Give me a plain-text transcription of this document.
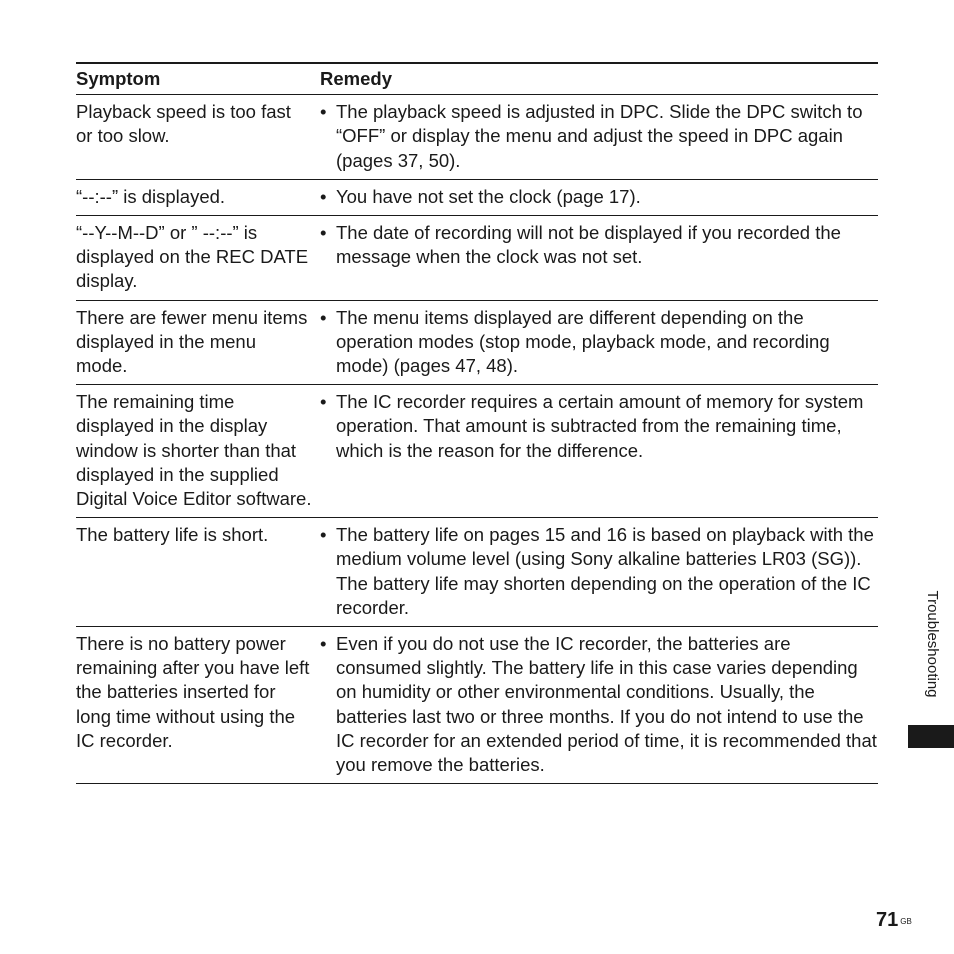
Symptom	Remedy
Playback speed is too fast or too slow.	• The playback speed is adjusted in DPC. Slide the DPC switch to “OFF” or display the menu and adjust the speed in DPC again (pages 37, 50).

“--:--” is displayed.	• You have not set the clock (page 17).

“--Y--M--D” or ” --:--” is displayed on the REC DATE display.	• The date of recording will not be displayed if you recorded the message when the clock was not set.

There are fewer menu items displayed in the menu mode.	• The menu items displayed are different depending on the operation modes (stop mode, playback mode, and recording mode) (pages 47, 48).

The remaining time displayed in the display window is shorter than that displayed in the supplied Digital Voice Editor software.	• The IC recorder requires a certain amount of memory for system operation. That amount is subtracted from the remaining time, which is the reason for the difference.

The battery life is short.	• The battery life on pages 15 and 16 is based on playback with the medium volume level (using Sony alkaline batteries LR03 (SG)). The battery life may shorten depending on the operation of the IC recorder.

There is no battery power remaining after you have left the batteries inserted for long time without using the IC recorder.	• Even if you do not use the IC recorder, the batteries are consumed slightly. The battery life in this case varies depending on humidity or other environmental conditions. Usually, the batteries last two or three months. If you do not intend to use the IC recorder for an extended period of time, it is recommended that you remove the batteries.
Troubleshooting
71 $^{GB}$
